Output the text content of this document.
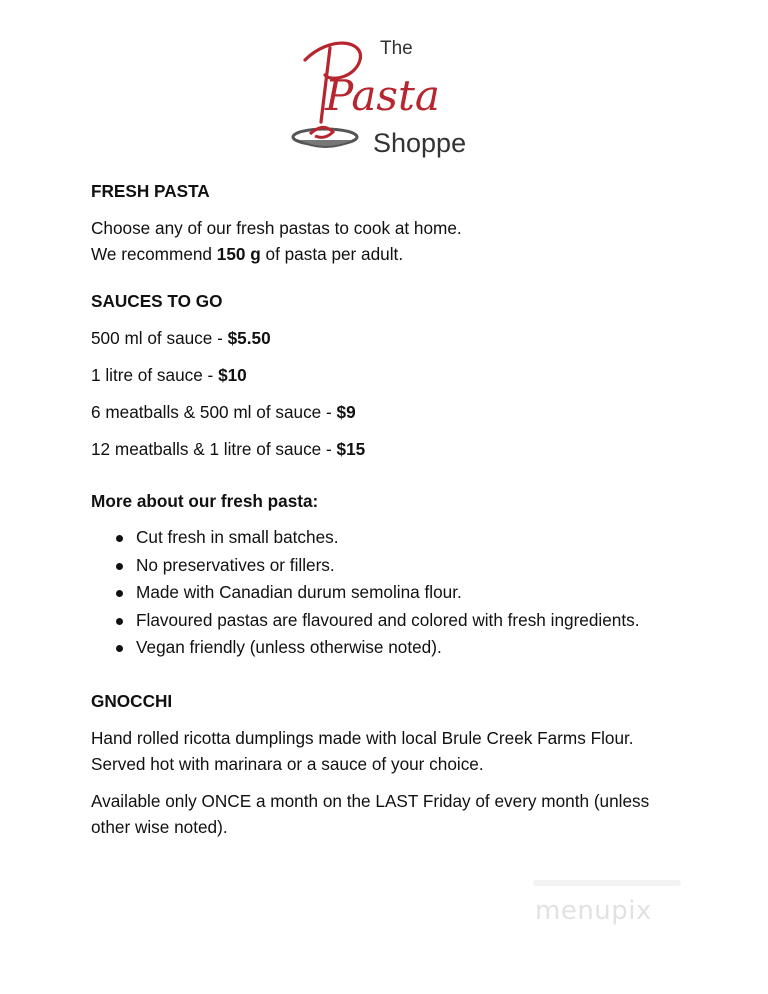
The
Pasta
Shoppe

FRESH PASTA

Choose any of our fresh pastas to cook at home.

We recommend 150 g of pasta per adult.

SAUCES TO GO

500 ml of sauce - $5.50

1 litre of sauce - $10

6 meatballs & 500 ml of sauce - $9

12 meatballs & 1 litre of sauce - $15

More about our fresh pasta:

Cut fresh in small batches.
No preservatives or fillers.
Made with Canadian durum semolina flour.
Flavoured pastas are flavoured and colored with fresh ingredients.
Vegan friendly (unless otherwise noted).

GNOCCHI

Hand rolled ricotta dumplings made with local Brule Creek Farms Flour.

Served hot with marinara or a sauce of your choice.

Available only ONCE a month on the LAST Friday of every month (unless

other wise noted).

menupix
